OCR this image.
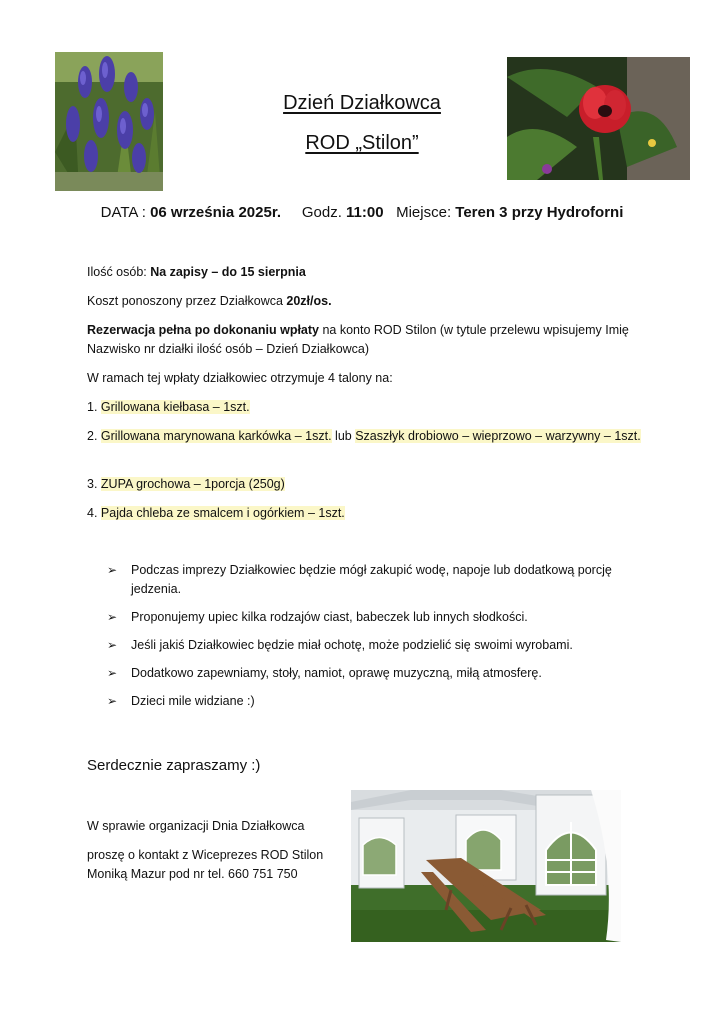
Dzień Działkowca
ROD „Stilon”
DATA : 06 września 2025r. Godz. 11:00 Miejsce: Teren 3 przy Hydroforni
Ilość osób: Na zapisy – do 15 sierpnia
Koszt ponoszony przez Działkowca 20zł/os.
Rezerwacja pełna po dokonaniu wpłaty na konto ROD Stilon (w tytule przelewu wpisujemy Imię Nazwisko nr działki ilość osób – Dzień Działkowca)
W ramach tej wpłaty działkowiec otrzymuje 4 talony na:
1. Grillowana kiełbasa – 1szt.
2. Grillowana marynowana karkówka – 1szt. lub Szaszłyk drobiowo – wieprzowo – warzywny – 1szt.
3. ZUPA grochowa – 1porcja (250g)
4. Pajda chleba ze smalcem i ogórkiem – 1szt.
➢ Podczas imprezy Działkowiec będzie mógł zakupić wodę, napoje lub dodatkową porcję jedzenia.
➢ Proponujemy upiec kilka rodzajów ciast, babeczek lub innych słodkości.
➢ Jeśli jakiś Działkowiec będzie miał ochotę, może podzielić się swoimi wyrobami.
➢ Dodatkowo zapewniamy, stoły, namiot, oprawę muzyczną, miłą atmosferę.
➢ Dzieci mile widziane :)
Serdecznie zapraszamy :)
W sprawie organizacji Dnia Działkowca
proszę o kontakt z Wiceprezes ROD Stilon Moniką Mazur pod nr tel. 660 751 750
